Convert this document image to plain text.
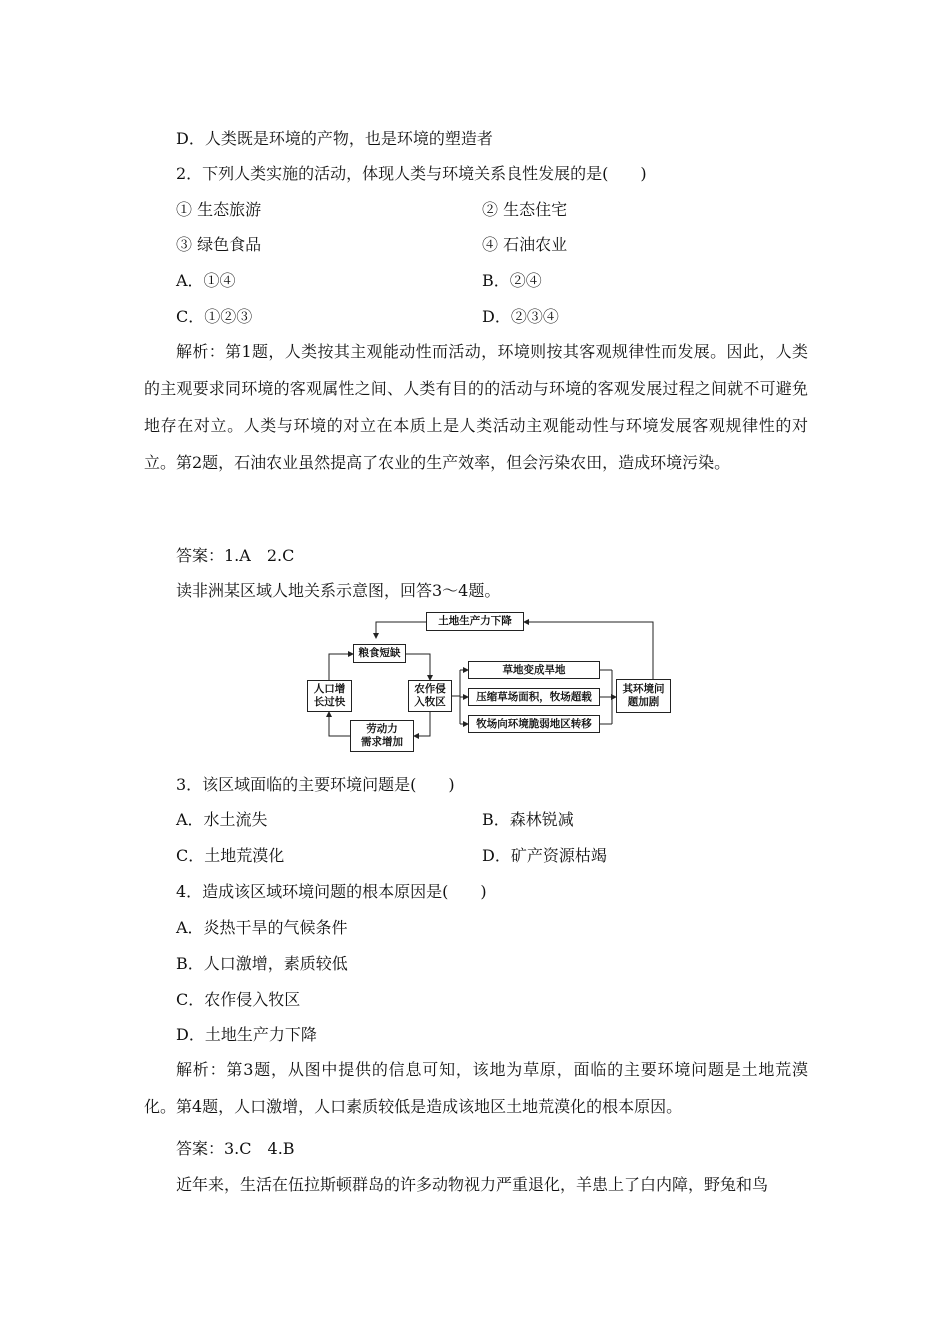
D．人类既是环境的产物，也是环境的塑造者
2．下列人类实施的活动，体现人类与环境关系良性发展的是(　　)
① 生态旅游	② 生态住宅
③ 绿色食品	④ 石油农业
A．①④	B．②④
C．①②③	D．②③④
解析：第1题，人类按其主观能动性而活动，环境则按其客观规律性而发展。因此，人类的主观要求同环境的客观属性之间、人类有目的的活动与环境的客观发展过程之间就不可避免地存在对立。人类与环境的对立在本质上是人类活动主观能动性与环境发展客观规律性的对立。第2题，石油农业虽然提高了农业的生产效率，但会污染农田，造成环境污染。
答案：1.A　2.C
读非洲某区域人地关系示意图，回答3～4题。
土地生产力下降
粮食短缺
人口增
长过快
农作侵
入牧区
劳动力
需求增加
草地变成旱地
压缩草场面积，牧场超载
牧场向环境脆弱地区转移
其环境问
题加剧
3．该区域面临的主要环境问题是(　　)
A．水土流失	B．森林锐减
C．土地荒漠化	D．矿产资源枯竭
4．造成该区域环境问题的根本原因是(　　)
A．炎热干旱的气候条件
B．人口激增，素质较低
C．农作侵入牧区
D．土地生产力下降
解析：第3题，从图中提供的信息可知，该地为草原，面临的主要环境问题是土地荒漠化。第4题，人口激增，人口素质较低是造成该地区土地荒漠化的根本原因。
答案：3.C　4.B
近年来，生活在伍拉斯顿群岛的许多动物视力严重退化，羊患上了白内障，野兔和鸟
